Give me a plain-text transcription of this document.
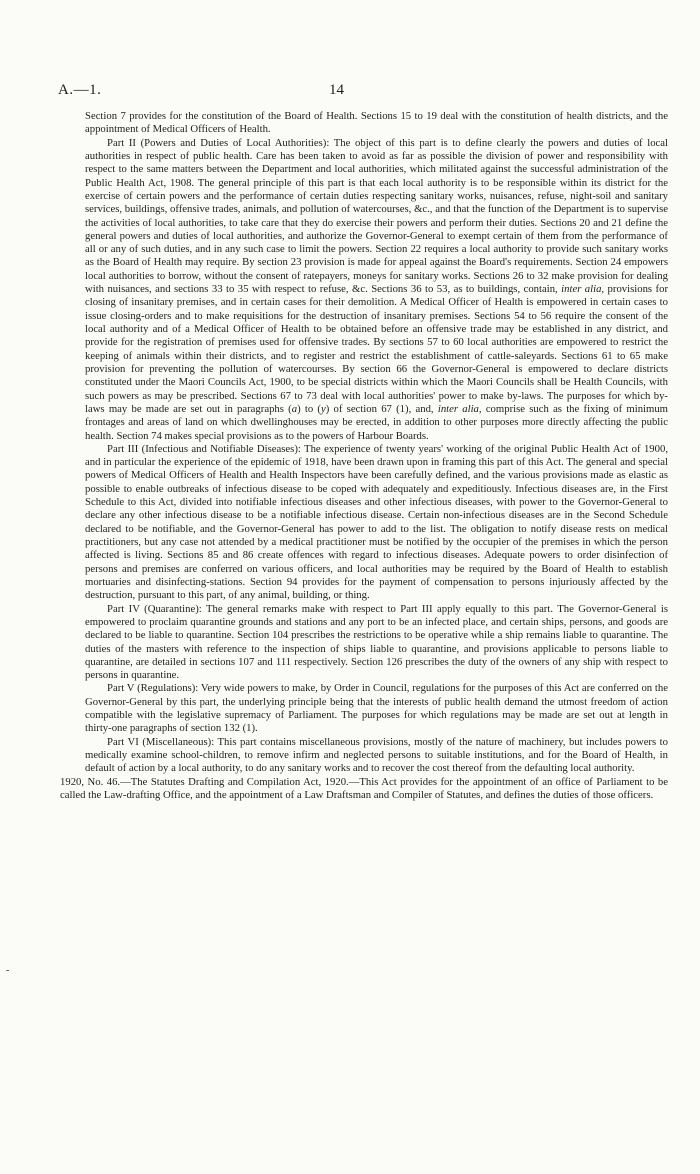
A.—1.	14
-

Section 7 provides for the constitution of the Board of Health. Sections 15 to 19 deal with the constitution of health districts, and the appointment of Medical Officers of Health.

Part II (Powers and Duties of Local Authorities): The object of this part is to define clearly the powers and duties of local authorities in respect of public health. Care has been taken to avoid as far as possible the division of power and responsibility with respect to the same matters between the Department and local authorities, which militated against the successful administration of the Public Health Act, 1908. The general principle of this part is that each local authority is to be responsible within its district for the exercise of certain powers and the performance of certain duties respecting sanitary works, nuisances, refuse, night-soil and sanitary services, buildings, offensive trades, animals, and pollution of watercourses, &c., and that the function of the Department is to supervise the activities of local authorities, to take care that they do exercise their powers and perform their duties. Sections 20 and 21 define the general powers and duties of local authorities, and authorize the Governor-General to exempt certain of them from the performance of all or any of such duties, and in any such case to limit the powers. Section 22 requires a local authority to provide such sanitary works as the Board of Health may require. By section 23 provision is made for appeal against the Board's requirements. Section 24 empowers local authorities to borrow, without the consent of ratepayers, moneys for sanitary works. Sections 26 to 32 make provision for dealing with nuisances, and sections 33 to 35 with respect to refuse, &c. Sections 36 to 53, as to buildings, contain, inter alia, provisions for closing of insanitary premises, and in certain cases for their demolition. A Medical Officer of Health is empowered in certain cases to issue closing-orders and to make requisitions for the destruction of insanitary premises. Sections 54 to 56 require the consent of the local authority and of a Medical Officer of Health to be obtained before an offensive trade may be established in any district, and provide for the registration of premises used for offensive trades. By sections 57 to 60 local authorities are empowered to restrict the keeping of animals within their districts, and to register and restrict the establishment of cattle-saleyards. Sections 61 to 65 make provision for preventing the pollution of watercourses. By section 66 the Governor-General is empowered to declare districts constituted under the Maori Councils Act, 1900, to be special districts within which the Maori Councils shall be Health Councils, with such powers as may be prescribed. Sections 67 to 73 deal with local authorities' power to make by-laws. The purposes for which by-laws may be made are set out in paragraphs (a) to (y) of section 67 (1), and, inter alia, comprise such as the fixing of minimum frontages and areas of land on which dwellinghouses may be erected, in addition to other purposes more directly affecting the public health. Section 74 makes special provisions as to the powers of Harbour Boards.

Part III (Infectious and Notifiable Diseases): The experience of twenty years' working of the original Public Health Act of 1900, and in particular the experience of the epidemic of 1918, have been drawn upon in framing this part of this Act. The general and special powers of Medical Officers of Health and Health Inspectors have been carefully defined, and the various provisions made as elastic as possible to enable outbreaks of infectious disease to be coped with adequately and expeditiously. Infectious diseases are, in the First Schedule to this Act, divided into notifiable infectious diseases and other infectious diseases, with power to the Governor-General to declare any other infectious disease to be a notifiable infectious disease. Certain non-infectious diseases are in the Second Schedule declared to be notifiable, and the Governor-General has power to add to the list. The obligation to notify disease rests on medical practitioners, but any case not attended by a medical practitioner must be notified by the occupier of the premises in which the person affected is living. Sections 85 and 86 create offences with regard to infectious diseases. Adequate powers to order disinfection of persons and premises are conferred on various officers, and local authorities may be required by the Board of Health to establish mortuaries and disinfecting-stations. Section 94 provides for the payment of compensation to persons injuriously affected by the destruction, pursuant to this part, of any animal, building, or thing.

Part IV (Quarantine): The general remarks make with respect to Part III apply equally to this part. The Governor-General is empowered to proclaim quarantine grounds and stations and any port to be an infected place, and certain ships, persons, and goods are declared to be liable to quarantine. Section 104 prescribes the restrictions to be operative while a ship remains liable to quarantine. The duties of the masters with reference to the inspection of ships liable to quarantine, and provisions applicable to persons liable to quarantine, are detailed in sections 107 and 111 respectively. Section 126 prescribes the duty of the owners of any ship with respect to persons in quarantine.

Part V (Regulations): Very wide powers to make, by Order in Council, regulations for the purposes of this Act are conferred on the Governor-General by this part, the underlying principle being that the interests of public health demand the utmost freedom of action compatible with the legislative supremacy of Parliament. The purposes for which regulations may be made are set out at length in thirty-one paragraphs of section 132 (1).

Part VI (Miscellaneous): This part contains miscellaneous provisions, mostly of the nature of machinery, but includes powers to medically examine school-children, to remove infirm and neglected persons to suitable institutions, and for the Board of Health, in default of action by a local authority, to do any sanitary works and to recover the cost thereof from the defaulting local authority.

1920, No. 46.—The Statutes Drafting and Compilation Act, 1920.—This Act provides for the appointment of an office of Parliament to be called the Law-drafting Office, and the appointment of a Law Draftsman and Compiler of Statutes, and defines the duties of those officers.
